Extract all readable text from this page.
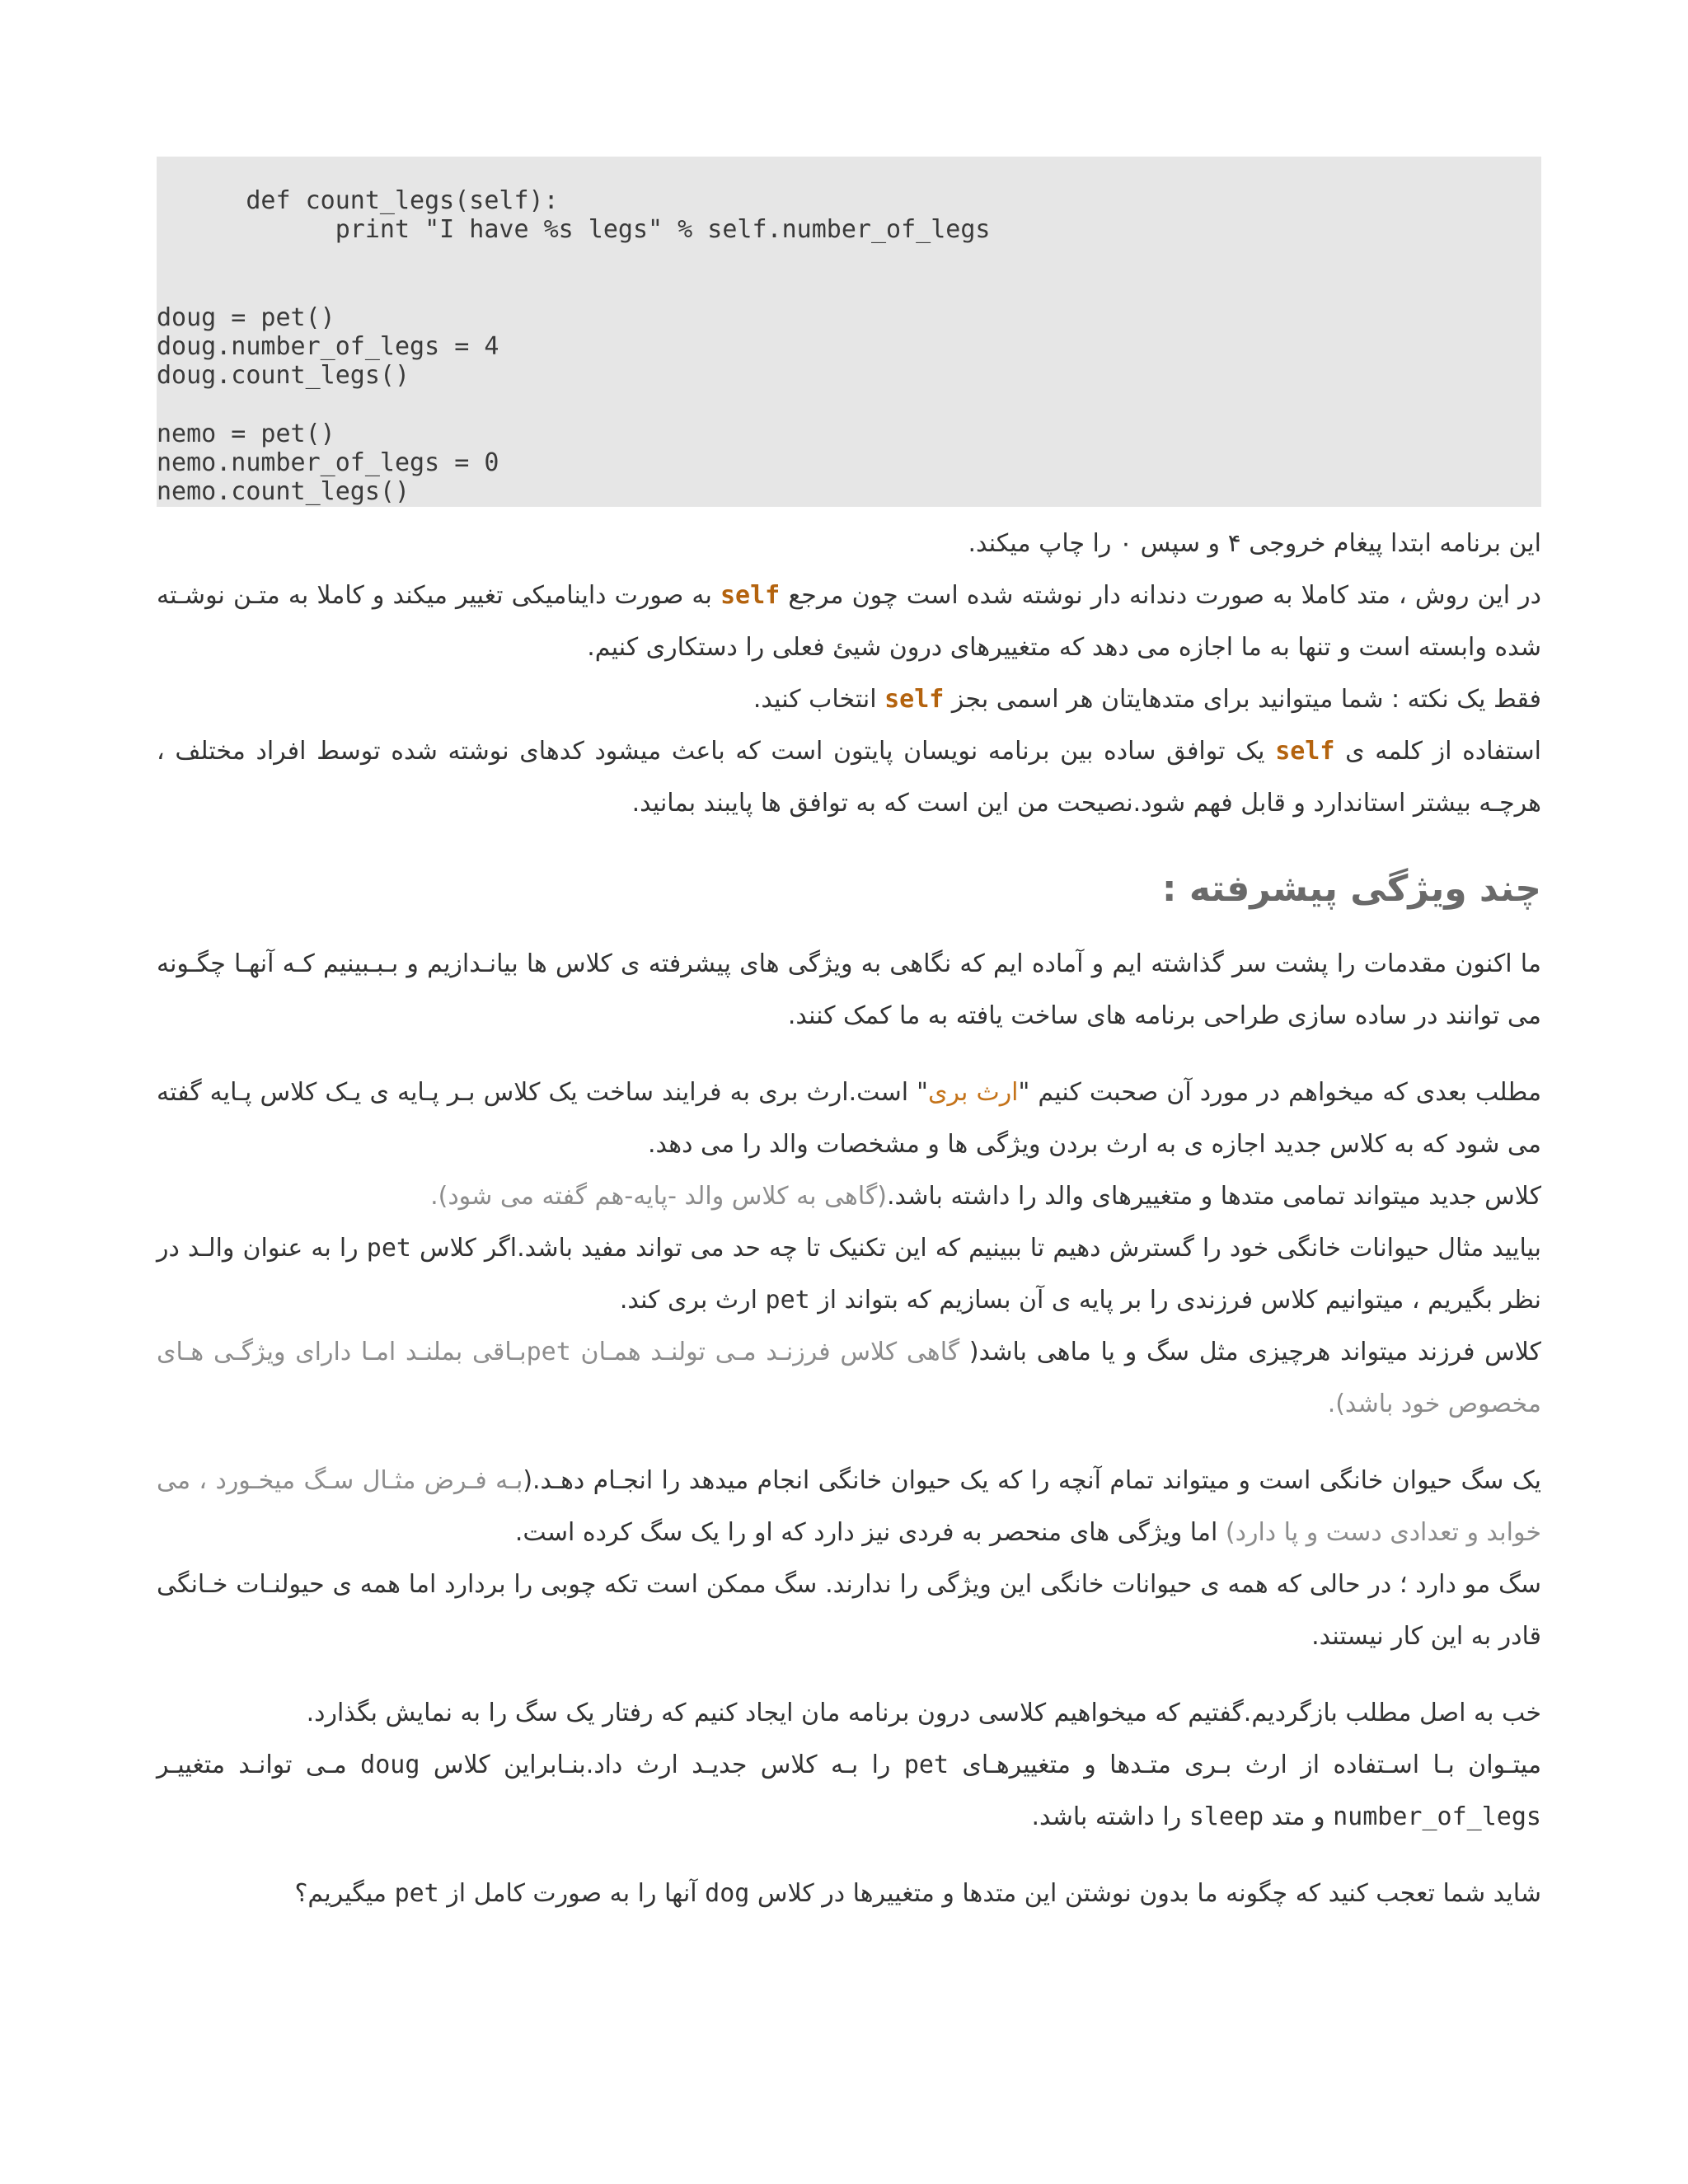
def count_legs(self):
print "I have %s legs" % self.number_of_legs
doug = pet()
doug.number_of_legs = 4
doug.count_legs()
nemo = pet()
nemo.number_of_legs = 0
nemo.count_legs()

این برنامه ابتدا پیغام خروجی ۴ و سپس ۰ را چاپ میکند.

در این روش ، متد کاملا به صورت دندانه دار نوشته شده است چون مرجع self به صورت داینامیکی تغییر میکند و کاملا به متـن نوشـته شده وابسته است و تنها به ما اجازه می دهد که متغییرهای درون شیئ فعلی را دستکاری کنیم.

فقط یک نکته : شما میتوانید برای متدهایتان هر اسمی بجز self انتخاب کنید.

استفاده از کلمه ی self یک توافق ساده بین برنامه نویسان پایتون است که باعث میشود کدهای نوشته شده توسط افراد مختلف ، هرچـه بیشتر استاندارد و قابل فهم شود.نصیحت من این است که به توافق ها پایبند بمانید.

چند ویژگی پیشرفته :

ما اکنون مقدمات را پشت سر گذاشته ایم و آماده ایم که نگاهی به ویژگی های پیشرفته ی کلاس ها بیانـدازیم و بـبـبینیم کـه آنهـا چگـونه می توانند در ساده سازی طراحی برنامه های ساخت یافته به ما کمک کنند.

مطلب بعدی که میخواهم در مورد آن صحبت کنیم "ارث بری" است.ارث بری به فرایند ساخت یک کلاس بـر پـایه ی یـک کلاس پـایه گفته می شود که به کلاس جدید اجازه ی به ارث بردن ویژگی ها و مشخصات والد را می دهد.

کلاس جدید میتواند تمامی متدها و متغییرهای والد را داشته باشد.(گاهی به کلاس والد -پایه-هم گفته می شود).

بیایید مثال حیوانات خانگی خود را گسترش دهیم تا ببینیم که این تکنیک تا چه حد می تواند مفید باشد.اگر کلاس pet را به عنوان والـد در نظر بگیریم ، میتوانیم کلاس فرزندی را بر پایه ی آن بسازیم که بتواند از pet ارث بری کند.

کلاس فرزند میتواند هرچیزی مثل سگ و یا ماهی باشد( گاهی کلاس فرزنـد مـی تولنـد همـان petبـاقی بملنـد امـا دارای ویژگـی هـای مخصوص خود باشد).

یک سگ حیوان خانگی است و میتواند تمام آنچه را که یک حیوان خانگی انجام میدهد را انجـام دهـد.(بـه فـرض مثـال سـگ میخـورد ، می خوابد و تعدادی دست و پا دارد) اما ویژگی های منحصر به فردی نیز دارد که او را یک سگ کرده است.

سگ مو دارد ؛ در حالی که همه ی حیوانات خانگی این ویژگی را ندارند. سگ ممکن است تکه چوبی را بردارد اما همه ی حیولنـات خـانگی قادر به این کار نیستند.

خب به اصل مطلب بازگردیم.گفتیم که میخواهیم کلاسی درون برنامه مان ایجاد کنیم که رفتار یک سگ را به نمایش بگذارد.

میتـوان بـا اسـتفاده از ارث بـری متـدها و متغییرهـای pet را بـه کلاس جدیـد ارث داد.بنـابراین کلاس doug مـی توانـد متغییـر number_of_legs و متد sleep را داشته باشد.

شاید شما تعجب کنید که چگونه ما بدون نوشتن این متدها و متغییرها در کلاس dog آنها را به صورت کامل از pet میگیریم؟
